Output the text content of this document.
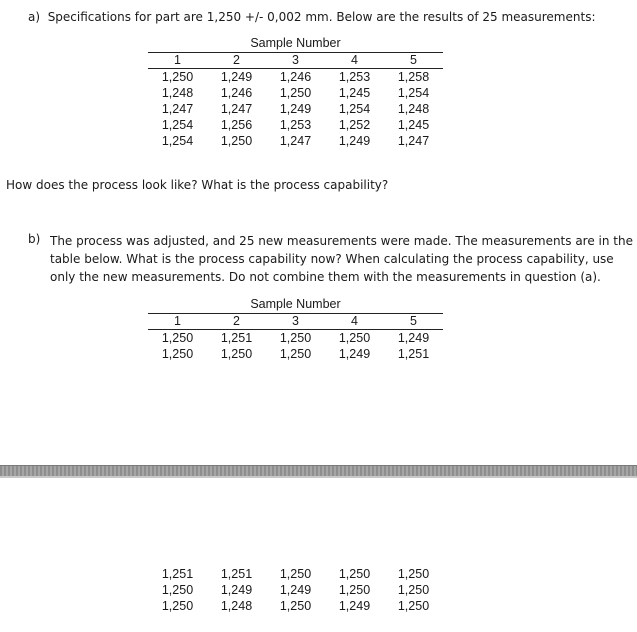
a) Specifications for part are 1,250 +/- 0,002 mm. Below are the results of 25 measurements:
Sample Number
1	2	3	4	5
1,250	1,249	1,246	1,253	1,258
1,248	1,246	1,250	1,245	1,254
1,247	1,247	1,249	1,254	1,248
1,254	1,256	1,253	1,252	1,245
1,254	1,250	1,247	1,249	1,247
How does the process look like? What is the process capability?
b) The process was adjusted, and 25 new measurements were made. The measurements are in the
table below. What is the process capability now? When calculating the process capability, use
only the new measurements. Do not combine them with the measurements in question (a).
Sample Number
1	2	3	4	5
1,250	1,251	1,250	1,250	1,249
1,250	1,250	1,250	1,249	1,251
1,251	1,251	1,250	1,250	1,250
1,250	1,249	1,249	1,250	1,250
1,250	1,248	1,250	1,249	1,250
